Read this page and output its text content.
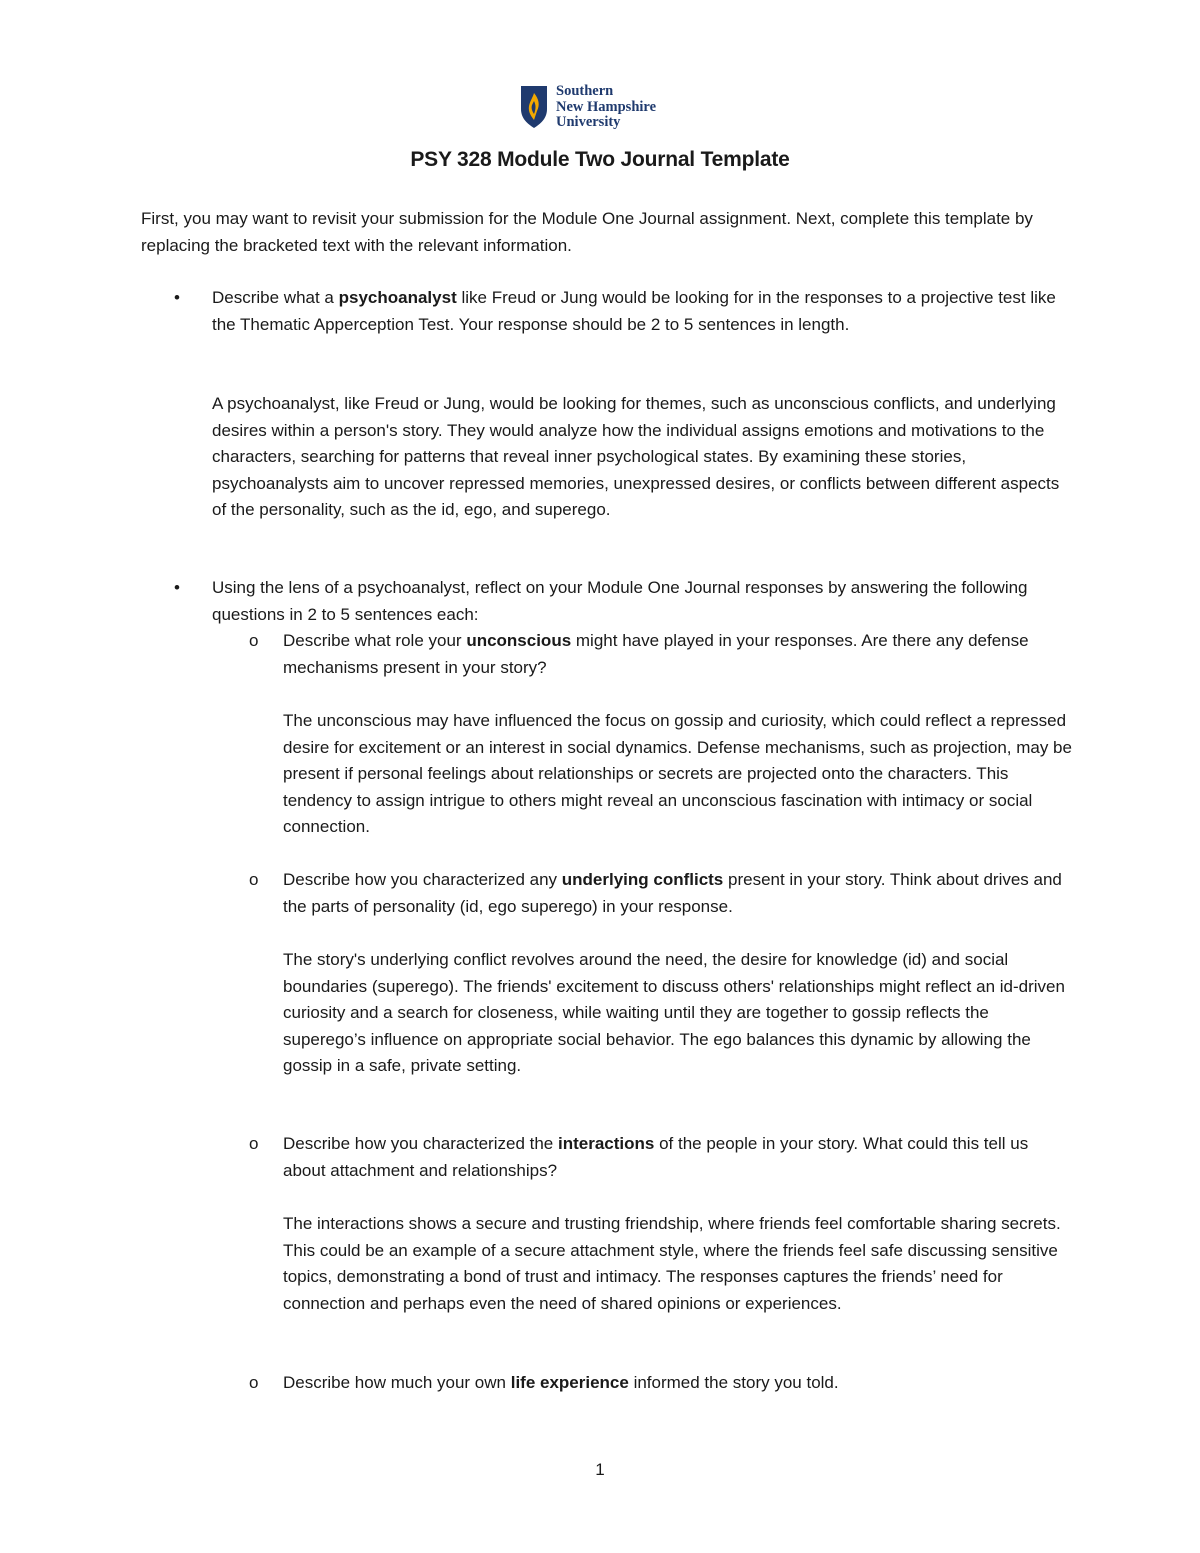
Southern
New Hampshire
University
PSY 328 Module Two Journal Template
First, you may want to revisit your submission for the Module One Journal assignment. Next, complete this template by replacing the bracketed text with the relevant information.
• Describe what a psychoanalyst like Freud or Jung would be looking for in the responses to a projective test like the Thematic Apperception Test. Your response should be 2 to 5 sentences in length.
A psychoanalyst, like Freud or Jung, would be looking for themes, such as unconscious conflicts, and underlying desires within a person's story. They would analyze how the individual assigns emotions and motivations to the characters, searching for patterns that reveal inner psychological states. By examining these stories, psychoanalysts aim to uncover repressed memories, unexpressed desires, or conflicts between different aspects of the personality, such as the id, ego, and superego.
• Using the lens of a psychoanalyst, reflect on your Module One Journal responses by answering the following questions in 2 to 5 sentences each:
o Describe what role your unconscious might have played in your responses. Are there any defense mechanisms present in your story?
The unconscious may have influenced the focus on gossip and curiosity, which could reflect a repressed desire for excitement or an interest in social dynamics. Defense mechanisms, such as projection, may be present if personal feelings about relationships or secrets are projected onto the characters. This tendency to assign intrigue to others might reveal an unconscious fascination with intimacy or social connection.
o Describe how you characterized any underlying conflicts present in your story. Think about drives and the parts of personality (id, ego superego) in your response.
The story's underlying conflict revolves around the need, the desire for knowledge (id) and social boundaries (superego). The friends' excitement to discuss others' relationships might reflect an id-driven curiosity and a search for closeness, while waiting until they are together to gossip reflects the superego’s influence on appropriate social behavior. The ego balances this dynamic by allowing the gossip in a safe, private setting.
o Describe how you characterized the interactions of the people in your story. What could this tell us about attachment and relationships?
The interactions shows a secure and trusting friendship, where friends feel comfortable sharing secrets. This could be an example of a secure attachment style, where the friends feel safe discussing sensitive topics, demonstrating a bond of trust and intimacy. The responses captures the friends’ need for connection and perhaps even the need of shared opinions or experiences.
o Describe how much your own life experience informed the story you told.
1
